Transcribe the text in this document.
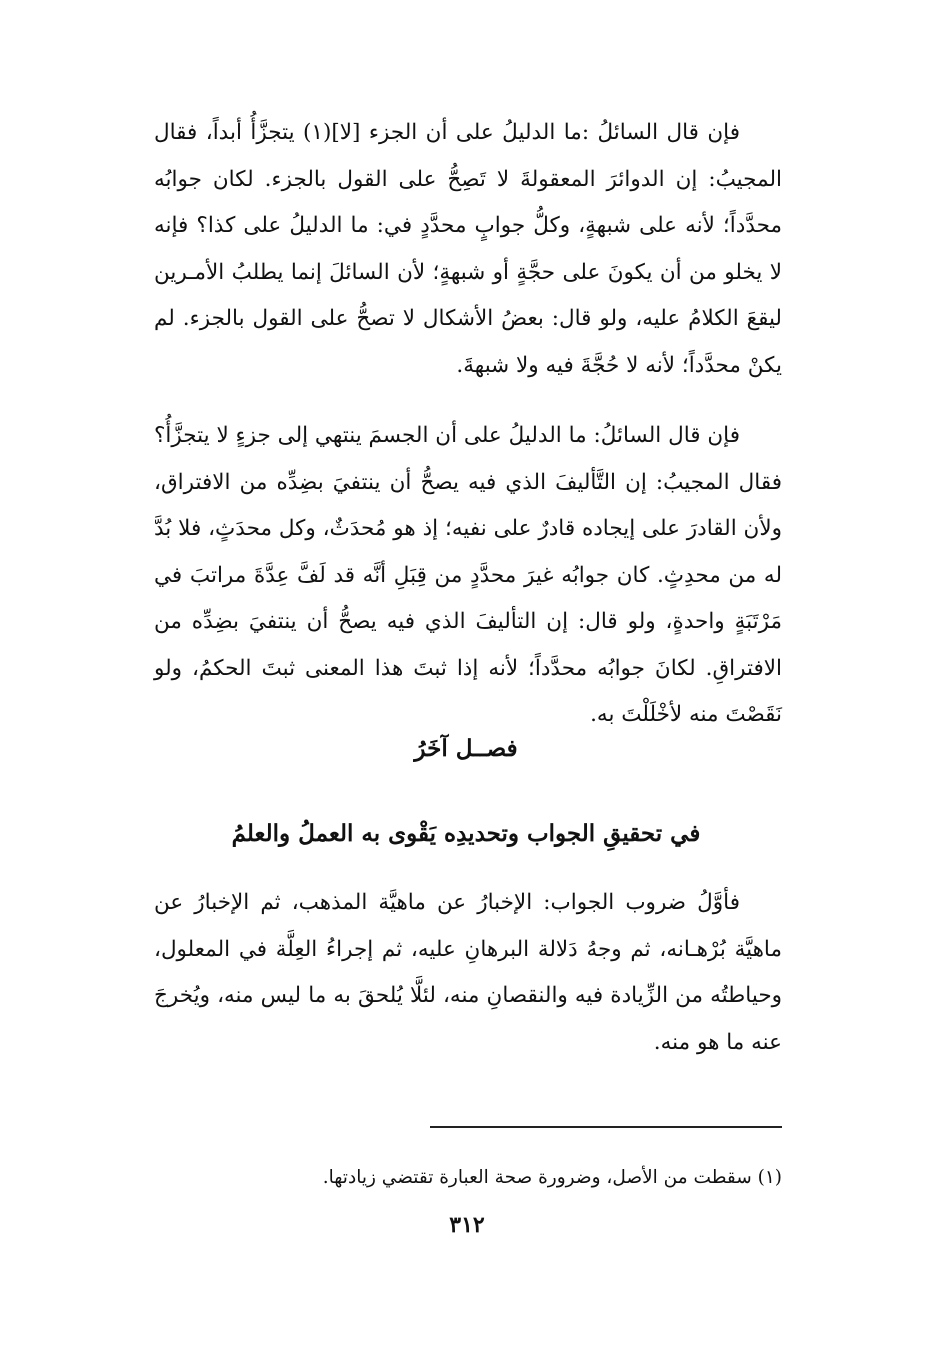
فإن قال السائلُ :ما الدليلُ على أن الجزء [لا](١) يتجزَّأُ أبداً، فقال المجيبُ: إن الدوائرَ المعقولةَ لا تَصِحُّ على القول بالجزء. لكان جوابُه محدَّداً؛ لأنه على شبهةٍ، وكلُّ جوابٍ محدَّدٍ في: ما الدليلُ على كذا؟ فإنه لا يخلو من أن يكونَ على حجَّةٍ أو شبهةٍ؛ لأن السائلَ إنما يطلبُ الأمـرين ليقعَ الكلامُ عليه، ولو قال: بعضُ الأشكال لا تصحُّ على القول بالجزء. لم يكنْ محدَّداً؛ لأنه لا حُجَّةَ فيه ولا شبهةَ.

فإن قال السائلُ: ما الدليلُ على أن الجسمَ ينتهي إلى جزءٍ لا يتجزَّأُ؟ فقال المجيبُ: إن التَّأليفَ الذي فيه يصحُّ أن ينتفيَ بضِدِّه من الافتراق، ولأن القادرَ على إيجاده قادرٌ على نفيه؛ إذ هو مُحدَثٌ، وكل محدَثٍ، فلا بُدَّ له من محدِثٍ. كان جوابُه غيرَ محدَّدٍ من قِبَلِ أنَّه قد لَفَّ عِدَّةَ مراتبَ في مَرْتَبَةٍ واحدةٍ، ولو قال: إن التأليفَ الذي فيه يصحُّ أن ينتفيَ بضِدِّه من الافتراقِ. لكانَ جوابُه محدَّداً؛ لأنه إذا ثبتَ هذا المعنى ثبتَ الحكمُ، ولو نَقَصْتَ منه لأخْلَلْتَ به.

فصــل آخَرُ
في تحقيقِ الجواب وتحديدِه يَقْوى به العملُ والعلمُ

فأوَّلُ ضروب الجواب: الإخبارُ عن ماهيَّة المذهب، ثم الإخبارُ عن ماهيَّة بُرْهـانه، ثم وجهُ دَلالة البرهانِ عليه، ثم إجراءُ العِلَّة في المعلول، وحياطتُه من الزِّيادة فيه والنقصانِ منه، لئلَّا يُلحقَ به ما ليس منه، ويُخرجَ عنه ما هو منه.

(١) سقطت من الأصل، وضرورة صحة العبارة تقتضي زيادتها.

٣١٢
